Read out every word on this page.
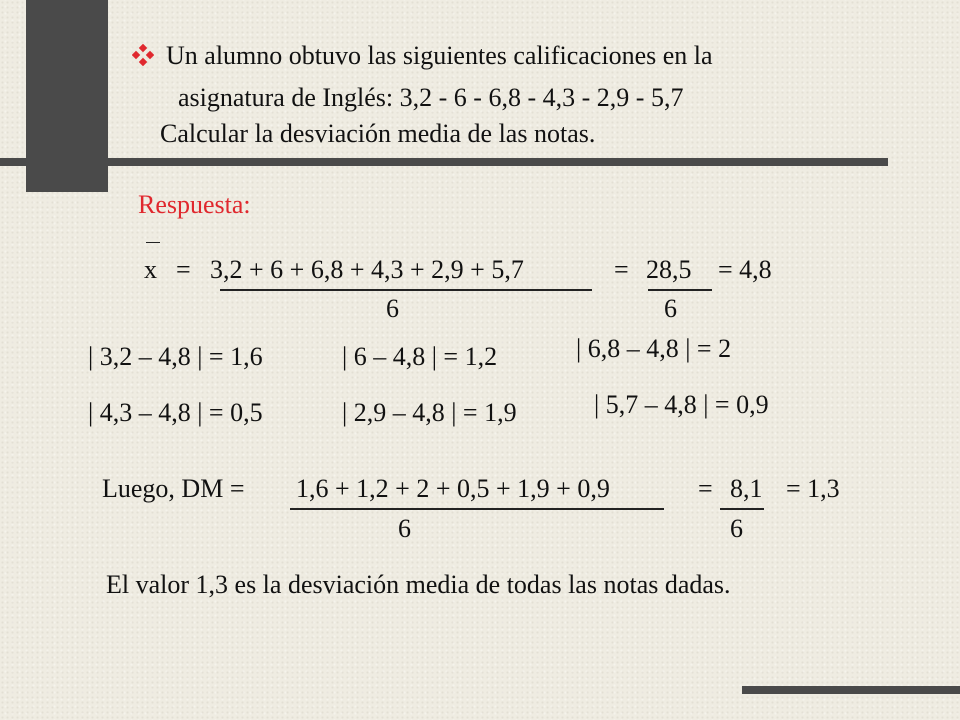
Un alumno obtuvo las siguientes calificaciones en la
asignatura de Inglés: 3,2 - 6 - 6,8 - 4,3 - 2,9 - 5,7
Calcular la desviación media de las notas.
Respuesta:
x = 3,2 + 6 + 6,8 + 4,3 + 2,9 + 5,7
6
= 28,5
6
= 4,8
| 3,2 – 4,8 | = 1,6	| 6 – 4,8 | = 1,2	| 6,8 – 4,8 | = 2
| 4,3 – 4,8 | = 0,5	| 2,9 – 4,8 | = 1,9	| 5,7 – 4,8 | = 0,9
Luego, DM = 1,6 + 1,2 + 2 + 0,5 + 1,9 + 0,9
6
= 8,1
6
= 1,3
El valor 1,3 es la desviación media de todas las notas dadas.
